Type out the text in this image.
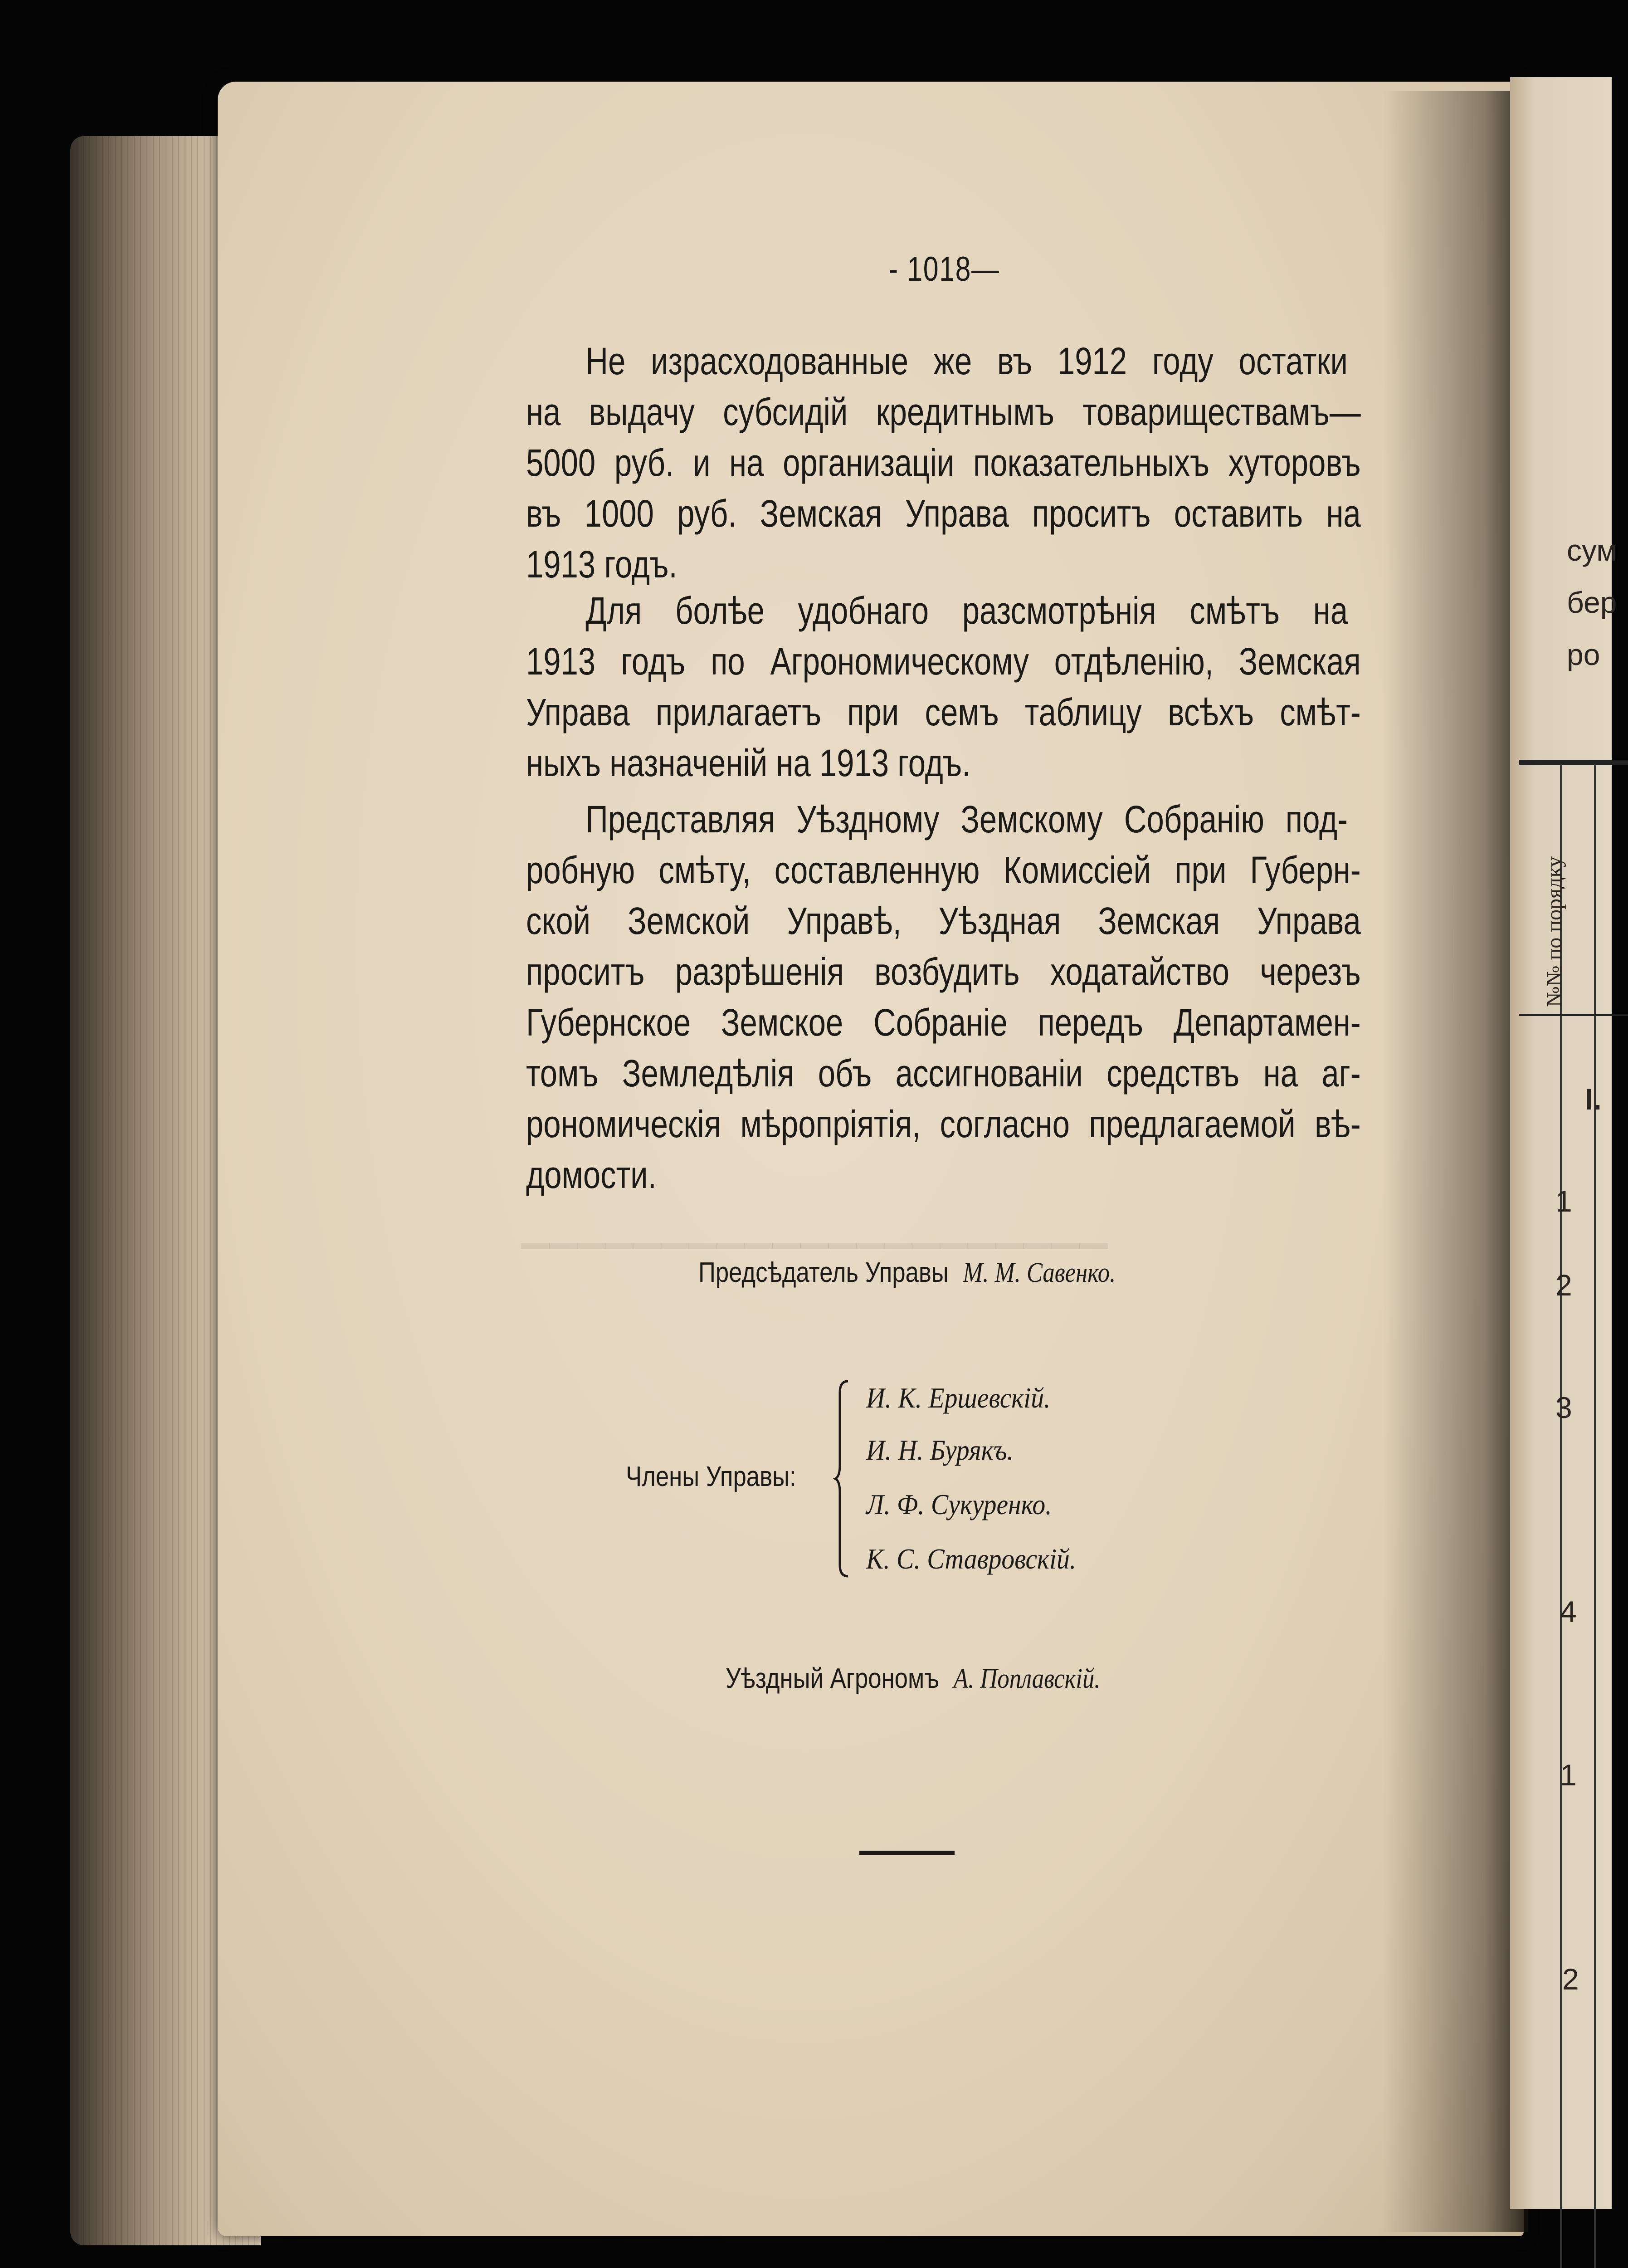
▁▁▁▁▁▁▁▁▁▁▁▁▁▁▁▁▁▁▁▁▁
сум
бер
ро
№№ по порядку
I.
1
2
3
4
1
2
- 1018—
Не израсходованные же въ 1912 году остатки
на выдачу субсидій кредитнымъ товариществамъ—
5000 руб. и на организаціи показательныхъ хуторовъ
въ 1000 руб. Земская Управа проситъ оставить на
1913 годъ.
Для болѣе удобнаго разсмотрѣнія смѣтъ на
1913 годъ по Агрономическому отдѣленію, Земская
Управа прилагаетъ при семъ таблицу всѣхъ смѣт-
ныхъ назначеній на 1913 годъ.
Представляя Уѣздному Земскому Собранію под-
робную смѣту, составленную Комиссіей при Губерн-
ской Земской Управѣ, Уѣздная Земская Управа
проситъ разрѣшенія возбудить ходатайство черезъ
Губернское Земское Собраніе передъ Департамен-
томъ Земледѣлія объ ассигнованіи средствъ на аг-
рономическія мѣропріятія, согласно предлагаемой вѣ-
домости.
Предсѣдатель Управы М. М. Савенко.
Члены Управы:
И. К. Ершевскій.
И. Н. Бурякъ.
Л. Ф. Сукуренко.
К. С. Ставровскій.
Уѣздный Агрономъ А. Поплавскій.
